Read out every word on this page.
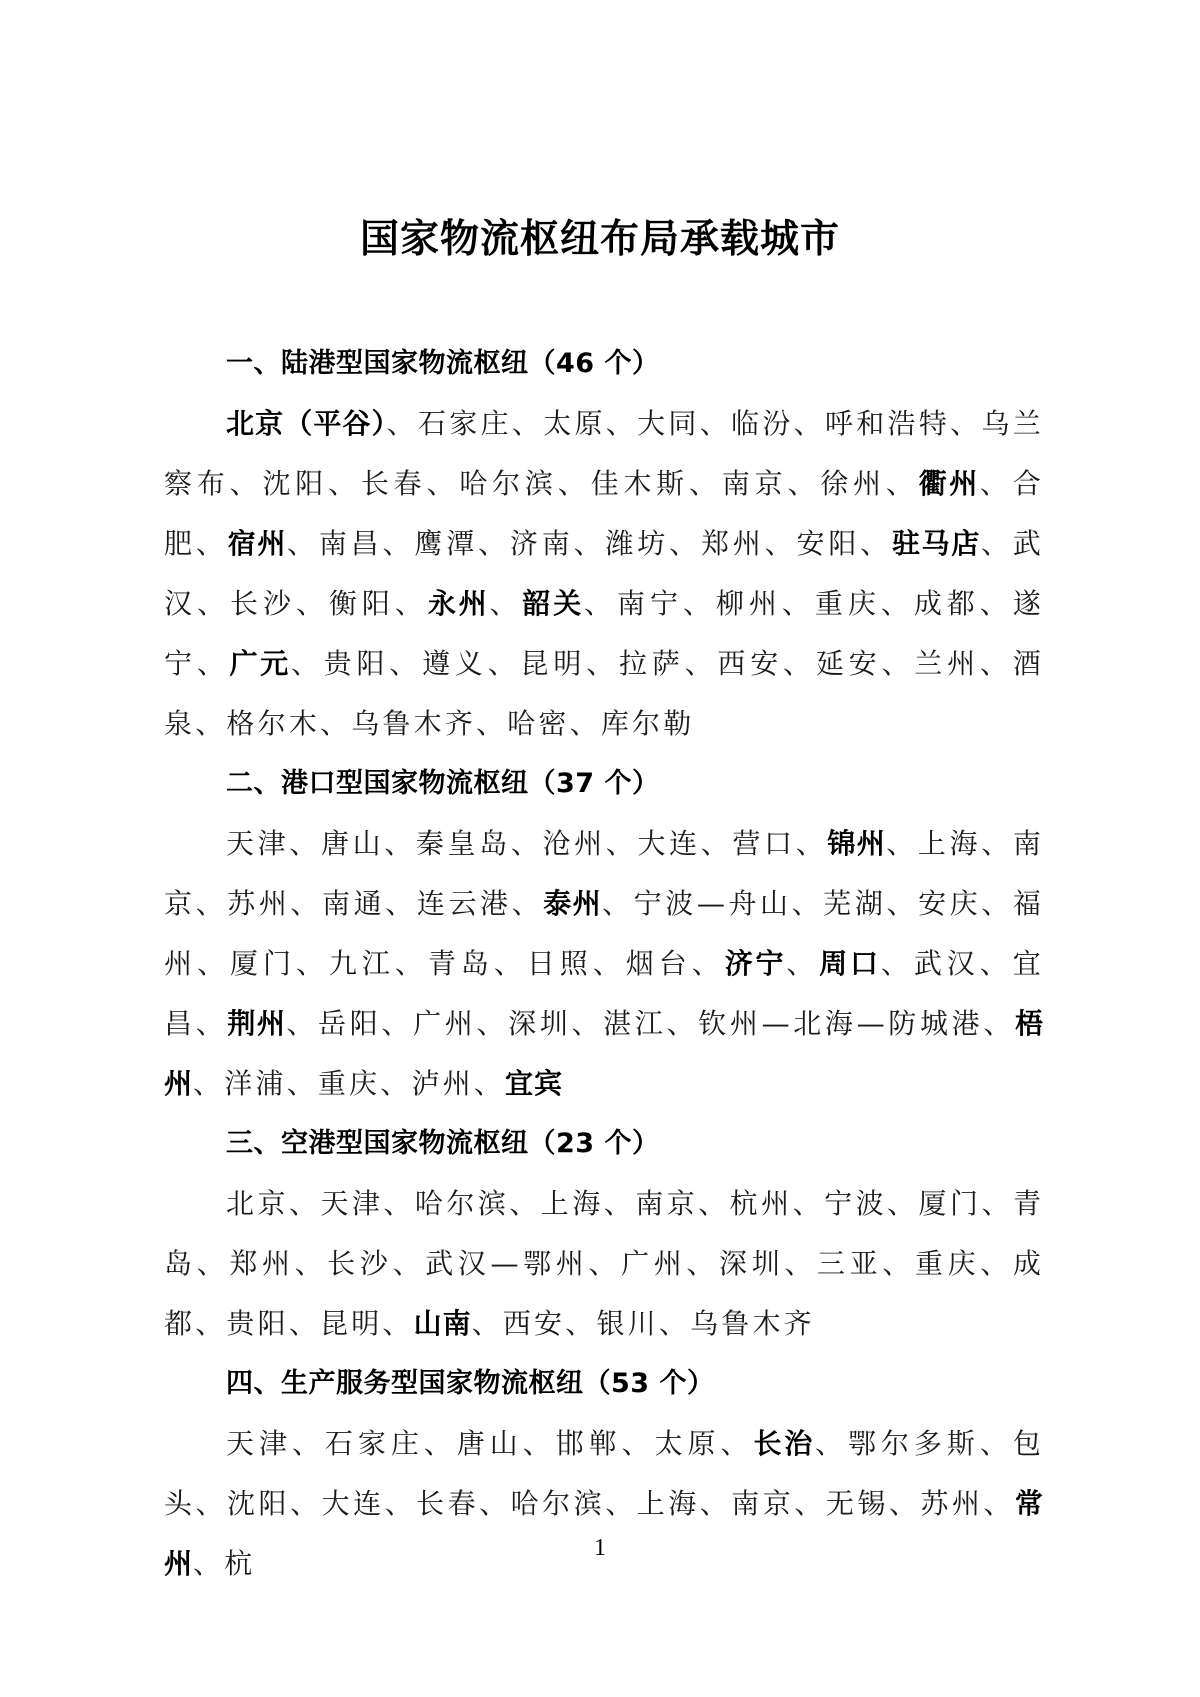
国家物流枢纽布局承载城市
一、陆港型国家物流枢纽（46 个）

北京（平谷）、石家庄、太原、大同、临汾、呼和浩特、乌兰察布、沈阳、长春、哈尔滨、佳木斯、南京、徐州、衢州、合肥、宿州、南昌、鹰潭、济南、潍坊、郑州、安阳、驻马店、武汉、长沙、衡阳、永州、韶关、南宁、柳州、重庆、成都、遂宁、广元、贵阳、遵义、昆明、拉萨、西安、延安、兰州、酒泉、格尔木、乌鲁木齐、哈密、库尔勒

二、港口型国家物流枢纽（37 个）

天津、唐山、秦皇岛、沧州、大连、营口、锦州、上海、南京、苏州、南通、连云港、泰州、宁波—舟山、芜湖、安庆、福州、厦门、九江、青岛、日照、烟台、济宁、周口、武汉、宜昌、荆州、岳阳、广州、深圳、湛江、钦州—北海—防城港、梧州、洋浦、重庆、泸州、宜宾

三、空港型国家物流枢纽（23 个）

北京、天津、哈尔滨、上海、南京、杭州、宁波、厦门、青岛、郑州、长沙、武汉—鄂州、广州、深圳、三亚、重庆、成都、贵阳、昆明、山南、西安、银川、乌鲁木齐

四、生产服务型国家物流枢纽（53 个）

天津、石家庄、唐山、邯郸、太原、长治、鄂尔多斯、包头、沈阳、大连、长春、哈尔滨、上海、南京、无锡、苏州、常州、杭	1
